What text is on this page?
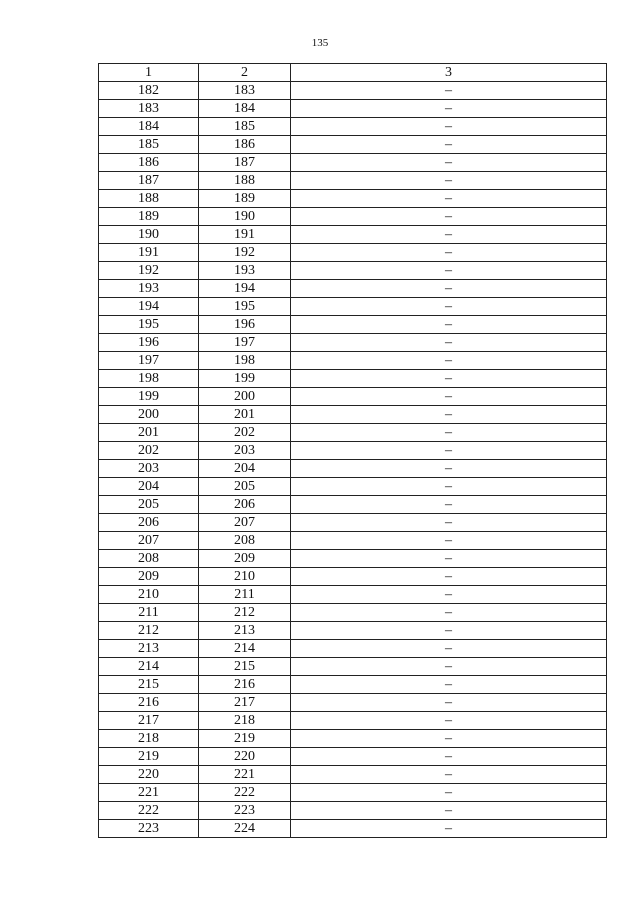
135
1	2	3
182	183	–
183	184	–
184	185	–
185	186	–
186	187	–
187	188	–
188	189	–
189	190	–
190	191	–
191	192	–
192	193	–
193	194	–
194	195	–
195	196	–
196	197	–
197	198	–
198	199	–
199	200	–
200	201	–
201	202	–
202	203	–
203	204	–
204	205	–
205	206	–
206	207	–
207	208	–
208	209	–
209	210	–
210	211	–
211	212	–
212	213	–
213	214	–
214	215	–
215	216	–
216	217	–
217	218	–
218	219	–
219	220	–
220	221	–
221	222	–
222	223	–
223	224	–
